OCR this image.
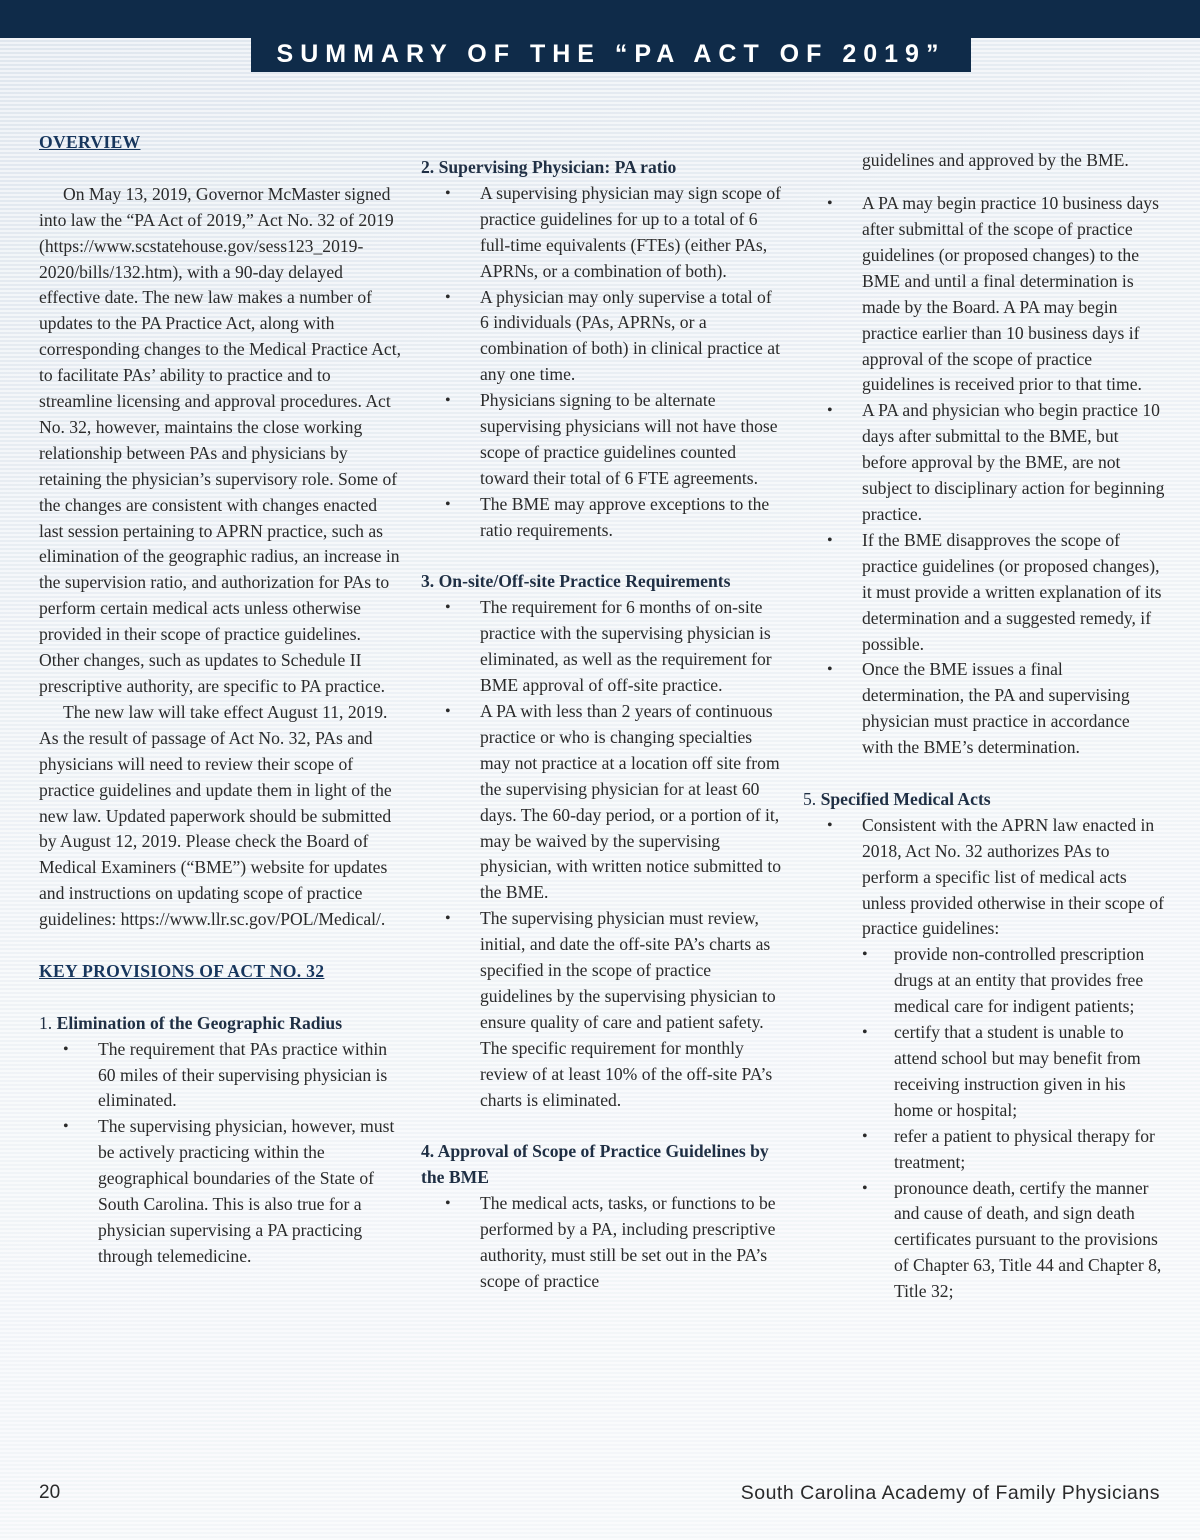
SUMMARY OF THE “PA ACT OF 2019”

OVERVIEW

On May 13, 2019, Governor McMaster signed into law the “PA Act of 2019,” Act No. 32 of 2019 (https://www.scstatehouse.gov/sess123_2019-2020/bills/132.htm), with a 90-day delayed effective date. The new law makes a number of updates to the PA Practice Act, along with corresponding changes to the Medical Practice Act, to facilitate PAs’ ability to practice and to streamline licensing and approval procedures. Act No. 32, however, maintains the close working relationship between PAs and physicians by retaining the physician’s supervisory role. Some of the changes are consistent with changes enacted last session pertaining to APRN practice, such as elimination of the geographic radius, an increase in the supervision ratio, and authorization for PAs to perform certain medical acts unless otherwise provided in their scope of practice guidelines. Other changes, such as updates to Schedule II prescriptive authority, are specific to PA practice.

The new law will take effect August 11, 2019. As the result of passage of Act No. 32, PAs and physicians will need to review their scope of practice guidelines and update them in light of the new law. Updated paperwork should be submitted by August 12, 2019. Please check the Board of Medical Examiners (“BME”) website for updates and instructions on updating scope of practice guidelines: https://www.llr.sc.gov/POL/Medical/.

KEY PROVISIONS OF ACT NO. 32

1. Elimination of the Geographic Radius

• The requirement that PAs practice within 60 miles of their supervising physician is eliminated.
• The supervising physician, however, must be actively practicing within the geographical boundaries of the State of South Carolina. This is also true for a physician supervising a PA practicing through telemedicine.

2. Supervising Physician: PA ratio

• A supervising physician may sign scope of practice guidelines for up to a total of 6 full-time equivalents (FTEs) (either PAs, APRNs, or a combination of both).
• A physician may only supervise a total of 6 individuals (PAs, APRNs, or a combination of both) in clinical practice at any one time.
• Physicians signing to be alternate supervising physicians will not have those scope of practice guidelines counted toward their total of 6 FTE agreements.
• The BME may approve exceptions to the ratio requirements.

3. On-site/Off-site Practice Requirements

• The requirement for 6 months of on-site practice with the supervising physician is eliminated, as well as the requirement for BME approval of off-site practice.
• A PA with less than 2 years of continuous practice or who is changing specialties may not practice at a location off site from the supervising physician for at least 60 days. The 60-day period, or a portion of it, may be waived by the supervising physician, with written notice submitted to the BME.
• The supervising physician must review, initial, and date the off-site PA’s charts as specified in the scope of practice guidelines by the supervising physician to ensure quality of care and patient safety. The specific requirement for monthly review of at least 10% of the off-site PA’s charts is eliminated.

4. Approval of Scope of Practice Guidelines by the BME

• The medical acts, tasks, or functions to be performed by a PA, including prescriptive authority, must still be set out in the PA’s scope of practice

guidelines and approved by the BME.

• A PA may begin practice 10 business days after submittal of the scope of practice guidelines (or proposed changes) to the BME and until a final determination is made by the Board. A PA may begin practice earlier than 10 business days if approval of the scope of practice guidelines is received prior to that time.
• A PA and physician who begin practice 10 days after submittal to the BME, but before approval by the BME, are not subject to disciplinary action for beginning practice.
• If the BME disapproves the scope of practice guidelines (or proposed changes), it must provide a written explanation of its determination and a suggested remedy, if possible.
• Once the BME issues a final determination, the PA and supervising physician must practice in accordance with the BME’s determination.

5. Specified Medical Acts

• Consistent with the APRN law enacted in 2018, Act No. 32 authorizes PAs to perform a specific list of medical acts unless provided otherwise in their scope of practice guidelines:
• provide non-controlled prescription drugs at an entity that provides free medical care for indigent patients;
• certify that a student is unable to attend school but may benefit from receiving instruction given in his home or hospital;
• refer a patient to physical therapy for treatment;
• pronounce death, certify the manner and cause of death, and sign death certificates pursuant to the provisions of Chapter 63, Title 44 and Chapter 8, Title 32;
20	South Carolina Academy of Family Physicians
